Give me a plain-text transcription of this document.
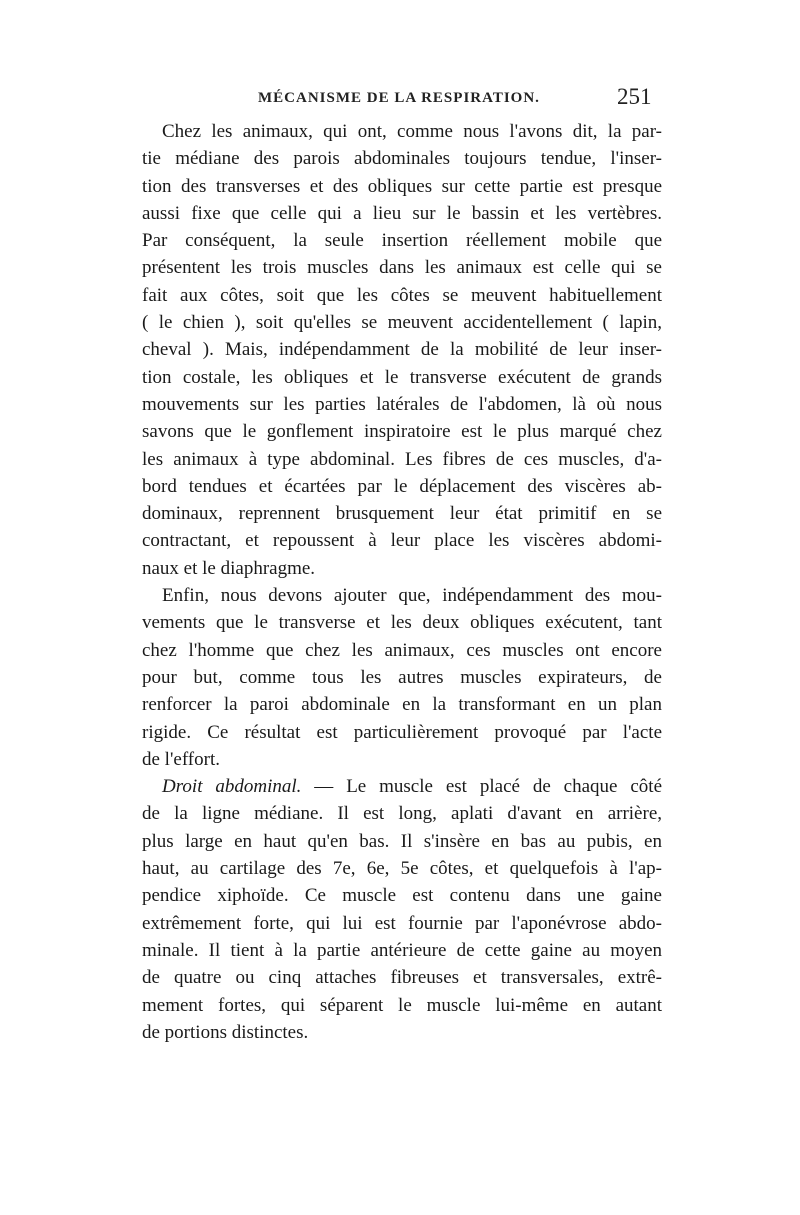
MÉCANISME DE LA RESPIRATION.	251
Chez les animaux, qui ont, comme nous l'avons dit, la par-
tie médiane des parois abdominales toujours tendue, l'inser-
tion des transverses et des obliques sur cette partie est presque
aussi fixe que celle qui a lieu sur le bassin et les vertèbres.
Par conséquent, la seule insertion réellement mobile que
présentent les trois muscles dans les animaux est celle qui se
fait aux côtes, soit que les côtes se meuvent habituellement
( le chien ), soit qu'elles se meuvent accidentellement ( lapin,
cheval ). Mais, indépendamment de la mobilité de leur inser-
tion costale, les obliques et le transverse exécutent de grands
mouvements sur les parties latérales de l'abdomen, là où nous
savons que le gonflement inspiratoire est le plus marqué chez
les animaux à type abdominal. Les fibres de ces muscles, d'a-
bord tendues et écartées par le déplacement des viscères ab-
dominaux, reprennent brusquement leur état primitif en se
contractant, et repoussent à leur place les viscères abdomi-
naux et le diaphragme.
Enfin, nous devons ajouter que, indépendamment des mou-
vements que le transverse et les deux obliques exécutent, tant
chez l'homme que chez les animaux, ces muscles ont encore
pour but, comme tous les autres muscles expirateurs, de
renforcer la paroi abdominale en la transformant en un plan
rigide. Ce résultat est particulièrement provoqué par l'acte
de l'effort.
Droit abdominal. — Le muscle est placé de chaque côté
de la ligne médiane. Il est long, aplati d'avant en arrière,
plus large en haut qu'en bas. Il s'insère en bas au pubis, en
haut, au cartilage des 7e, 6e, 5e côtes, et quelquefois à l'ap-
pendice xiphoïde. Ce muscle est contenu dans une gaine
extrêmement forte, qui lui est fournie par l'aponévrose abdo-
minale. Il tient à la partie antérieure de cette gaine au moyen
de quatre ou cinq attaches fibreuses et transversales, extrê-
mement fortes, qui séparent le muscle lui-même en autant
de portions distinctes.
